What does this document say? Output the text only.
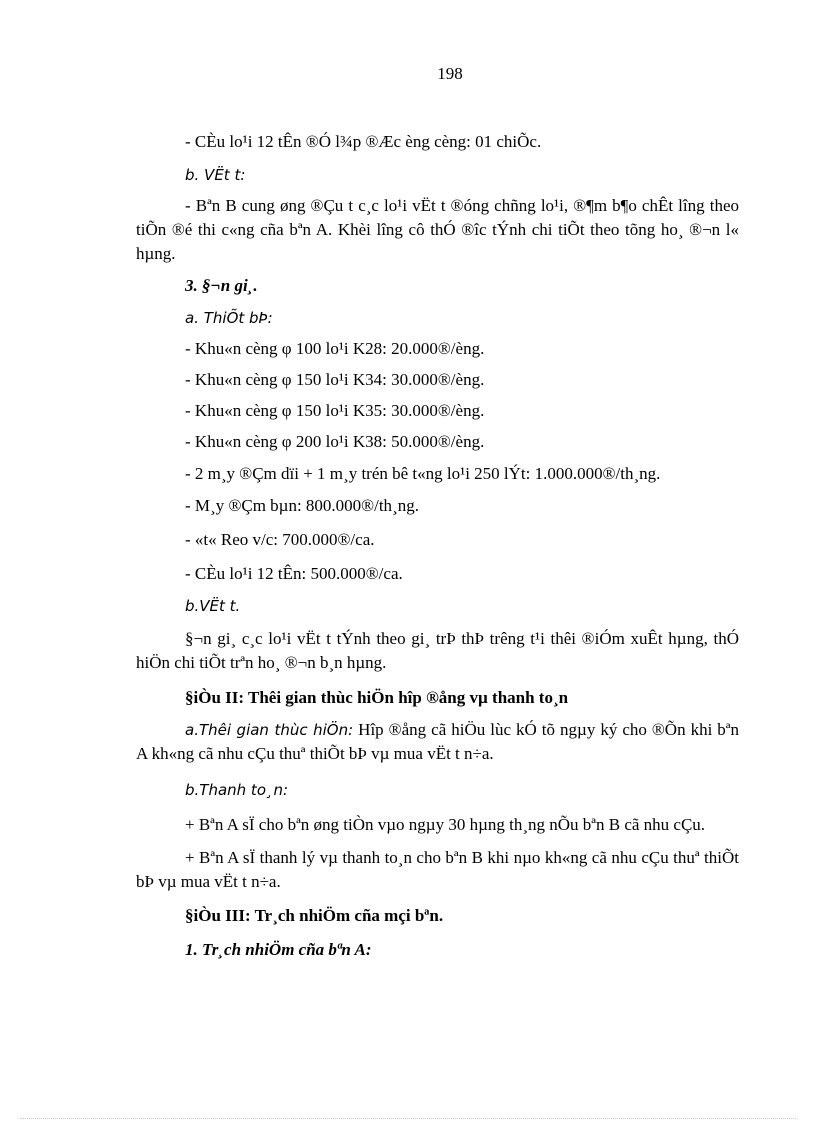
198
- CÈu lo¹i 12 tÊn ®Ó l¾p ®Æc èng cèng: 01 chiÕc.
b. VËt t:
- Bªn B cung øng ®Çu t c¸c lo¹i vËt t ®óng chñng lo¹i, ®¶m b¶o chÊt lîng theo tiÕn ®é thi c«ng cña bªn A. Khèi lîng cô thÓ ®îc tÝnh chi tiÕt theo tõng ho¸ ®¬n l« hµng.
3. §¬n gi¸.
a. ThiÕt bÞ:
- Khu«n cèng φ 100 lo¹i K28: 20.000®/èng.
- Khu«n cèng φ 150 lo¹i K34: 30.000®/èng.
- Khu«n cèng φ 150 lo¹i K35: 30.000®/èng.
- Khu«n cèng φ 200 lo¹i K38: 50.000®/èng.
- 2 m¸y ®Çm dïi + 1 m¸y trén bê t«ng lo¹i 250 lÝt: 1.000.000®/th¸ng.
- M¸y ®Çm bµn: 800.000®/th¸ng.
- «t« Reo v/c: 700.000®/ca.
- CÈu lo¹i 12 tÊn: 500.000®/ca.
b.VËt t.
§¬n gi¸ c¸c lo¹i vËt t tÝnh theo gi¸ trÞ thÞ trêng t¹i thêi ®iÓm xuÊt hµng, thÓ hiÖn chi tiÕt trªn ho¸ ®¬n b¸n hµng.
§iÒu II: Thêi gian thùc hiÖn hîp ®ång vµ thanh to¸n
a.Thêi gian thùc hiÖn: Hîp ®ång cã hiÖu lùc kÓ tõ ngµy ký cho ®Õn khi bªn A kh«ng cã nhu cÇu thuª thiÕt bÞ vµ mua vËt t n÷a.
b.Thanh to¸n:
+ Bªn A sÏ cho bªn øng tiÒn vµo ngµy 30 hµng th¸ng nÕu bªn B cã nhu cÇu.
+ Bªn A sÏ thanh lý vµ thanh to¸n cho bªn B khi nµo kh«ng cã nhu cÇu thuª thiÕt bÞ vµ mua vËt t n÷a.
§iÒu III: Tr¸ch nhiÖm cña mçi bªn.
1. Tr¸ch nhiÖm cña bªn A:
